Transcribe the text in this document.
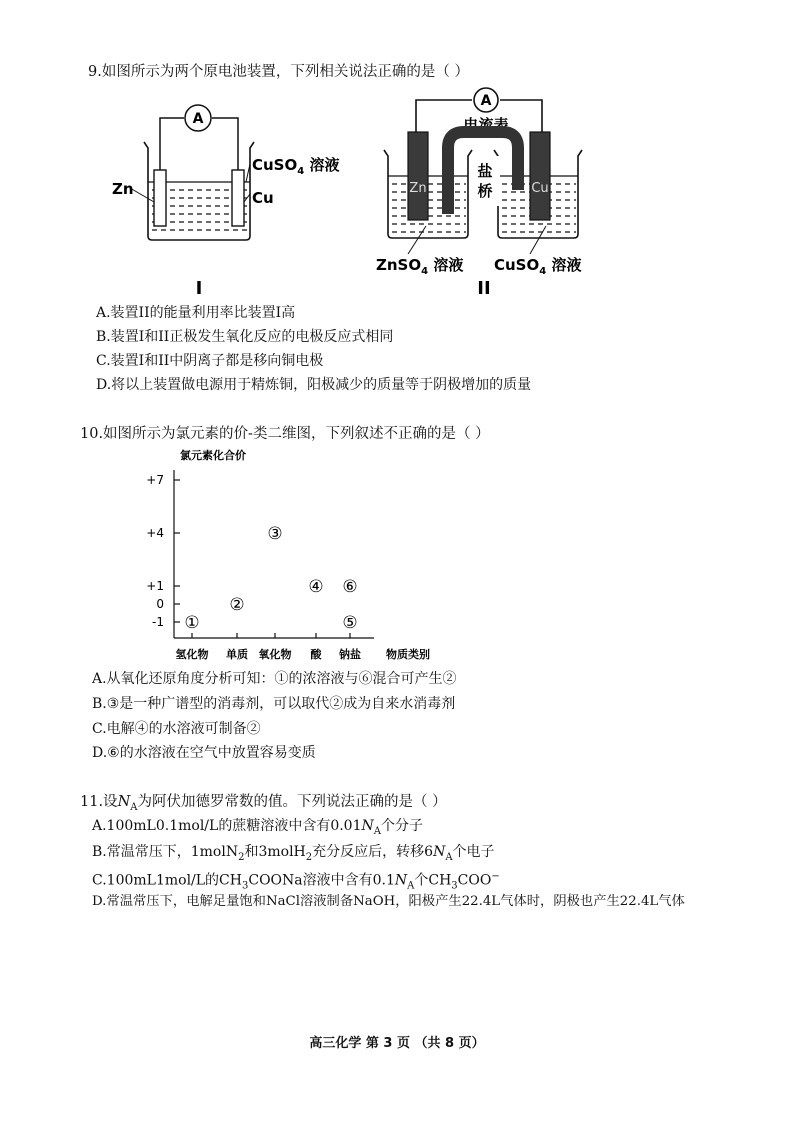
9.如图所示为两个原电池装置，下列相关说法正确的是（ ）
A
Zn	Cu
CuSO$_4$ 溶液
I
A
电流表
盐
桥
Zn	Cu
ZnSO$_4$ 溶液 CuSO$_4$ 溶液
II
A.装置II的能量利用率比装置I高
B.装置I和II正极发生氧化反应的电极反应式相同
C.装置I和II中阴离子都是移向铜电极
D.将以上装置做电源用于精炼铜，阳极减少的质量等于阴极增加的质量
10.如图所示为氯元素的价-类二维图，下列叙述不正确的是（ ）
氯元素化合价
物质类别
+7
+4
+1
0
-1
氢化物 单质 氧化物 酸 钠盐
①
②
③
④
⑤
⑥
A.从氧化还原角度分析可知：①的浓溶液与⑥混合可产生②
B.③是一种广谱型的消毒剂，可以取代②成为自来水消毒剂
C.电解④的水溶液可制备②
D.⑥的水溶液在空气中放置容易变质
11.设$N_A$为阿伏加德罗常数的值。下列说法正确的是（ ）
A.100mL0.1mol/L的蔗糖溶液中含有$0.01N_A$个分子
B.常温常压下，1molN$_2$和3molH$_2$充分反应后，转移$6N_A$个电子
C.100mL1mol/L的$CH_3COONa$溶液中含有$0.1N_A$个$CH_3COO^-$
D.常温常压下，电解足量饱和NaCl溶液制备NaOH，阳极产生22.4L气体时，阴极也产生22.4L气体
高三化学 第 3 页 （共 8 页）
